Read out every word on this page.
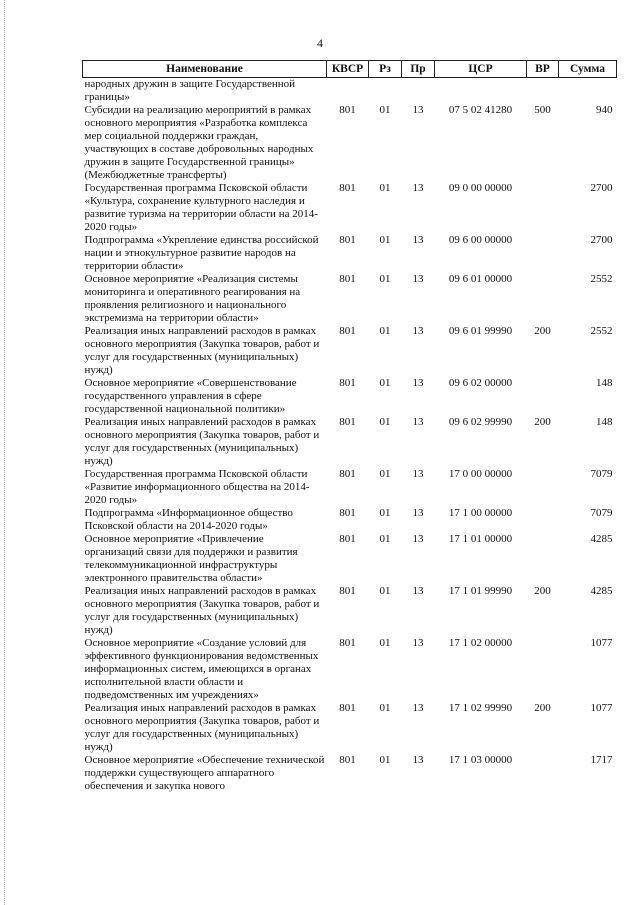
4
Наименование	КВСР	Рз	Пр	ЦСР	ВР	Сумма
народных дружин в защите Государственной границы»						
Субсидии на реализацию мероприятий в рамках основного мероприятия «Разработка комплекса мер социальной поддержки граждан, участвующих в составе добровольных народных дружин в защите Государственной границы» (Межбюджетные трансферты)	801	01	13	07 5 02 41280	500	940
Государственная программа Псковской области «Культура, сохранение культурного наследия и развитие туризма на территории области на 2014-2020 годы»	801	01	13	09 0 00 00000		2700
Подпрограмма «Укрепление единства российской нации и этнокультурное развитие народов на территории области»	801	01	13	09 6 00 00000		2700
Основное мероприятие «Реализация системы мониторинга и оперативного реагирования на проявления религиозного и национального экстремизма на территории области»	801	01	13	09 6 01 00000		2552
Реализация иных направлений расходов в рамках основного мероприятия (Закупка товаров, работ и услуг для государственных (муниципальных) нужд)	801	01	13	09 6 01 99990	200	2552
Основное мероприятие «Совершенствование государственного управления в сфере государственной национальной политики»	801	01	13	09 6 02 00000		148
Реализация иных направлений расходов в рамках основного мероприятия (Закупка товаров, работ и услуг для государственных (муниципальных) нужд)	801	01	13	09 6 02 99990	200	148
Государственная программа Псковской области «Развитие информационного общества на 2014-2020 годы»	801	01	13	17 0 00 00000		7079
Подпрограмма «Информационное общество Псковской области на 2014-2020 годы»	801	01	13	17 1 00 00000		7079
Основное мероприятие «Привлечение организаций связи для поддержки и развития телекоммуникационной инфраструктуры электронного правительства области»	801	01	13	17 1 01 00000		4285
Реализация иных направлений расходов в рамках основного мероприятия (Закупка товаров, работ и услуг для государственных (муниципальных) нужд)	801	01	13	17 1 01 99990	200	4285
Основное мероприятие «Создание условий для эффективного функционирования ведомственных информационных систем, имеющихся в органах исполнительной власти области и подведомственных им учреждениях»	801	01	13	17 1 02 00000		1077
Реализация иных направлений расходов в рамках основного мероприятия (Закупка товаров, работ и услуг для государственных (муниципальных) нужд)	801	01	13	17 1 02 99990	200	1077
Основное мероприятие «Обеспечение технической поддержки существующего аппаратного обеспечения и закупка нового	801	01	13	17 1 03 00000		1717
